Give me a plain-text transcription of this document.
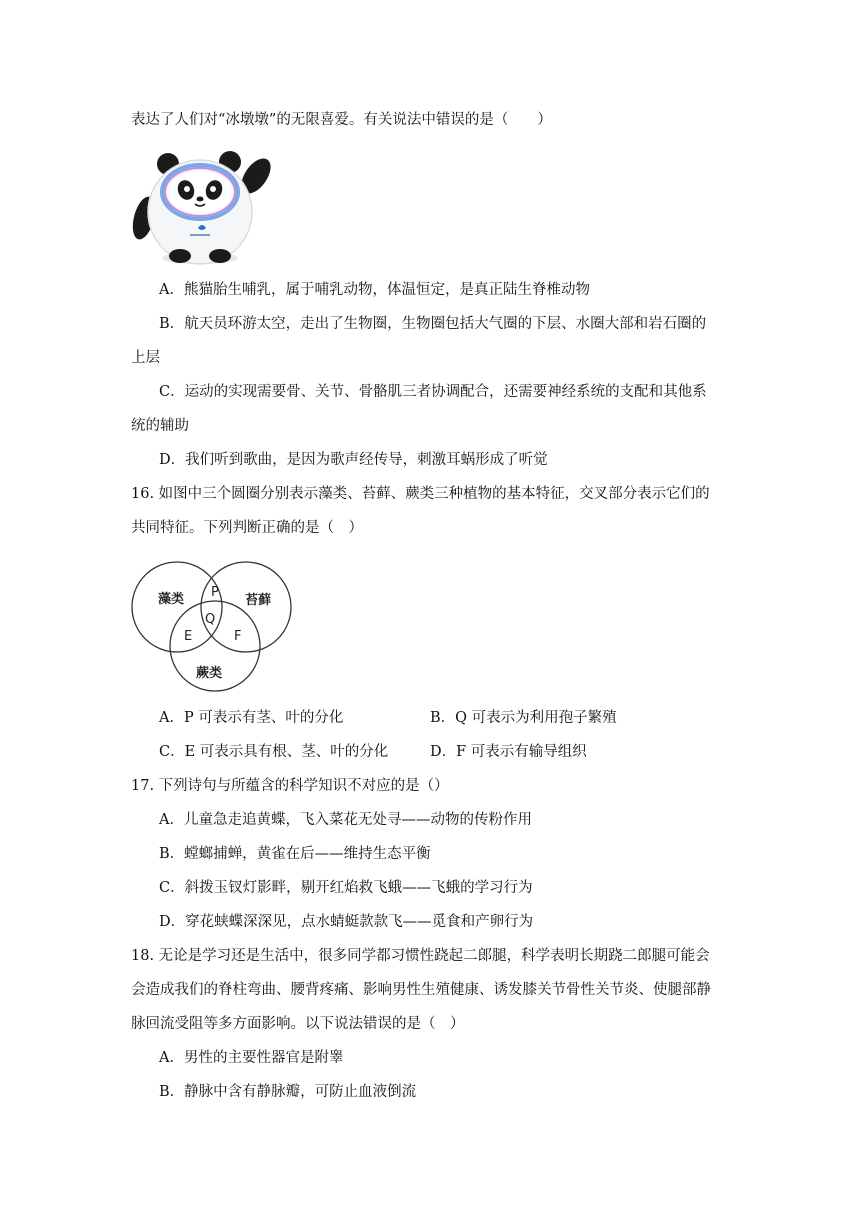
表达了人们对“冰墩墩”的无限喜爱。有关说法中错误的是（　　）
A．熊猫胎生哺乳，属于哺乳动物，体温恒定，是真正陆生脊椎动物
B．航天员环游太空，走出了生物圈，生物圈包括大气圈的下层、水圈大部和岩石圈的
上层
C．运动的实现需要骨、关节、骨骼肌三者协调配合，还需要神经系统的支配和其他系
统的辅助
D．我们听到歌曲，是因为歌声经传导，刺激耳蜗形成了听觉
16. 如图中三个圆圈分别表示藻类、苔藓、蕨类三种植物的基本特征，交叉部分表示它们的
共同特征。下列判断正确的是（　）
藻类	苔藓
蕨类
P
Q
E	F
A．P 可表示有茎、叶的分化	B．Q 可表示为利用孢子繁殖
C．E 可表示具有根、茎、叶的分化	D．F 可表示有输导组织
17. 下列诗句与所蕴含的科学知识不对应的是（）
A．儿童急走追黄蝶，飞入菜花无处寻——动物的传粉作用
B．螳螂捕蝉，黄雀在后——维持生态平衡
C．斜拨玉钗灯影畔，剔开红焰救飞蛾——飞蛾的学习行为
D．穿花蛱蝶深深见，点水蜻蜓款款飞——觅食和产卵行为
18. 无论是学习还是生活中，很多同学都习惯性跷起二郎腿，科学表明长期跷二郎腿可能会
会造成我们的脊柱弯曲、腰背疼痛、影响男性生殖健康、诱发膝关节骨性关节炎、使腿部静
脉回流受阻等多方面影响。以下说法错误的是（　）
A．男性的主要性器官是附睾
B．静脉中含有静脉瓣，可防止血液倒流
